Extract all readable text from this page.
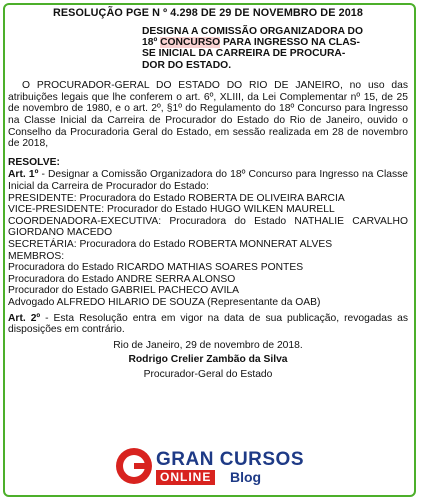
RESOLUÇÃO PGE N º 4.298 DE 29 DE NOVEMBRO DE 2018
DESIGNA A COMISSÃO ORGANIZADORA DO
18º CONCURSO PARA INGRESSO NA CLAS-
SE INICIAL DA CARREIRA DE PROCURA-
DOR DO ESTADO.

O PROCURADOR-GERAL DO ESTADO DO RIO DE JANEIRO, no uso das atribuições legais que lhe conferem o art. 6º, XLIII, da Lei Complementar nº 15, de 25 de novembro de 1980, e o art. 2º, §1º do Regulamento do 18º Concurso para Ingresso na Classe Inicial da Carreira de Procurador do Estado do Rio de Janeiro, ouvido o Conselho da Procuradoria Geral do Estado, em sessão realizada em 28 de novembro de 2018,

RESOLVE:
Art. 1º - Designar a Comissão Organizadora do 18º Concurso para Ingresso na Classe Inicial da Carreira de Procurador do Estado:
PRESIDENTE: Procuradora do Estado ROBERTA DE OLIVEIRA BARCIA
VICE-PRESIDENTE: Procurador do Estado HUGO WILKEN MAURELL
COORDENADORA-EXECUTIVA: Procuradora do Estado NATHALIE CARVALHO GIORDANO MACEDO
SECRETÁRIA: Procuradora do Estado ROBERTA MONNERAT ALVES
MEMBROS:
Procuradora do Estado RICARDO MATHIAS SOARES PONTES
Procuradora do Estado ANDRE SERRA ALONSO
Procurador do Estado GABRIEL PACHECO AVILA
Advogado ALFREDO HILARIO DE SOUZA (Representante da OAB)
Art. 2º - Esta Resolução entra em vigor na data de sua publicação, revogadas as disposições em contrário.
Rio de Janeiro, 29 de novembro de 2018.
Rodrigo Crelier Zambão da Silva
Procurador-Geral do Estado
GRAN CURSOS
ONLINE Blog
